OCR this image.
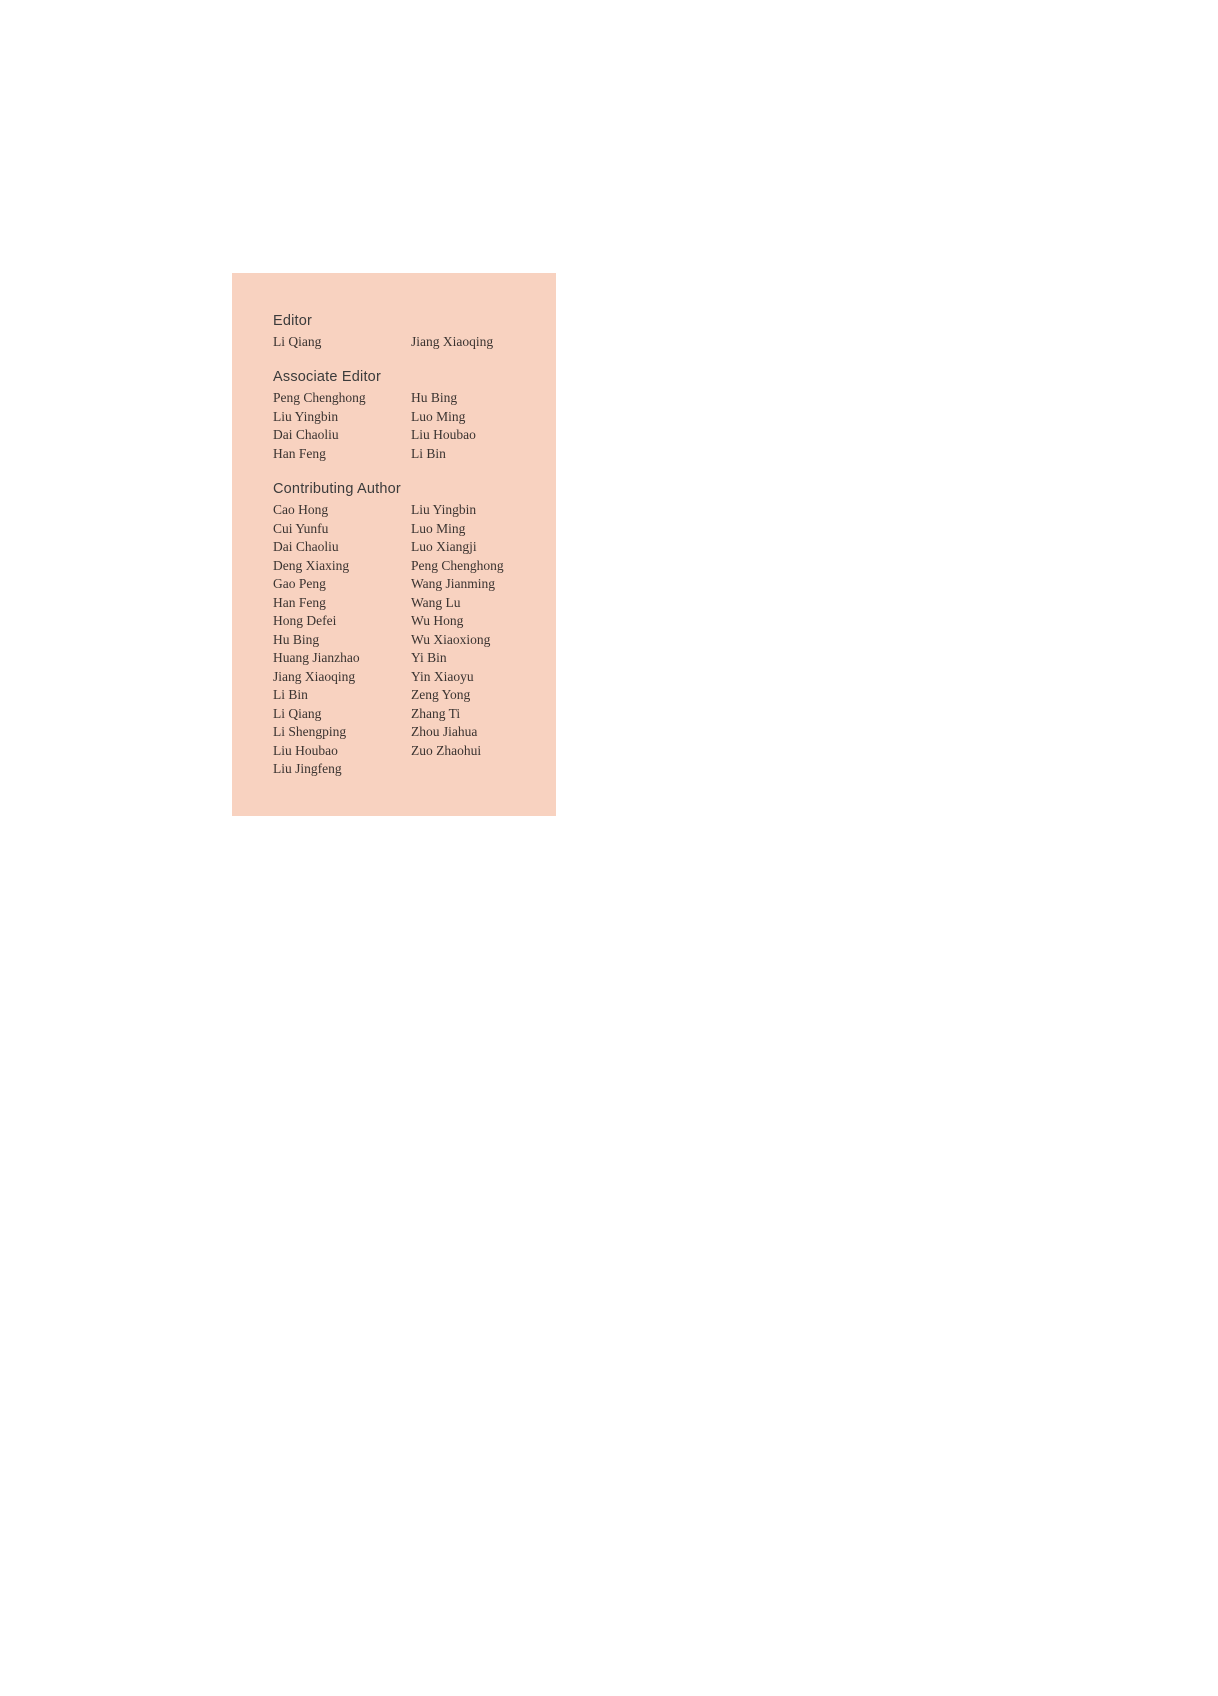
Editor
Li Qiang	Jiang Xiaoqing
Associate Editor
Peng Chenghong
Liu Yingbin
Dai Chaoliu
Han Feng
Hu Bing
Luo Ming
Liu Houbao
Li Bin
Contributing Author
Cao Hong
Cui Yunfu
Dai Chaoliu
Deng Xiaxing
Gao Peng
Han Feng
Hong Defei
Hu Bing
Huang Jianzhao
Jiang Xiaoqing
Li Bin
Li Qiang
Li Shengping
Liu Houbao
Liu Jingfeng
Liu Yingbin
Luo Ming
Luo Xiangji
Peng Chenghong
Wang Jianming
Wang Lu
Wu Hong
Wu Xiaoxiong
Yi Bin
Yin Xiaoyu
Zeng Yong
Zhang Ti
Zhou Jiahua
Zuo Zhaohui
